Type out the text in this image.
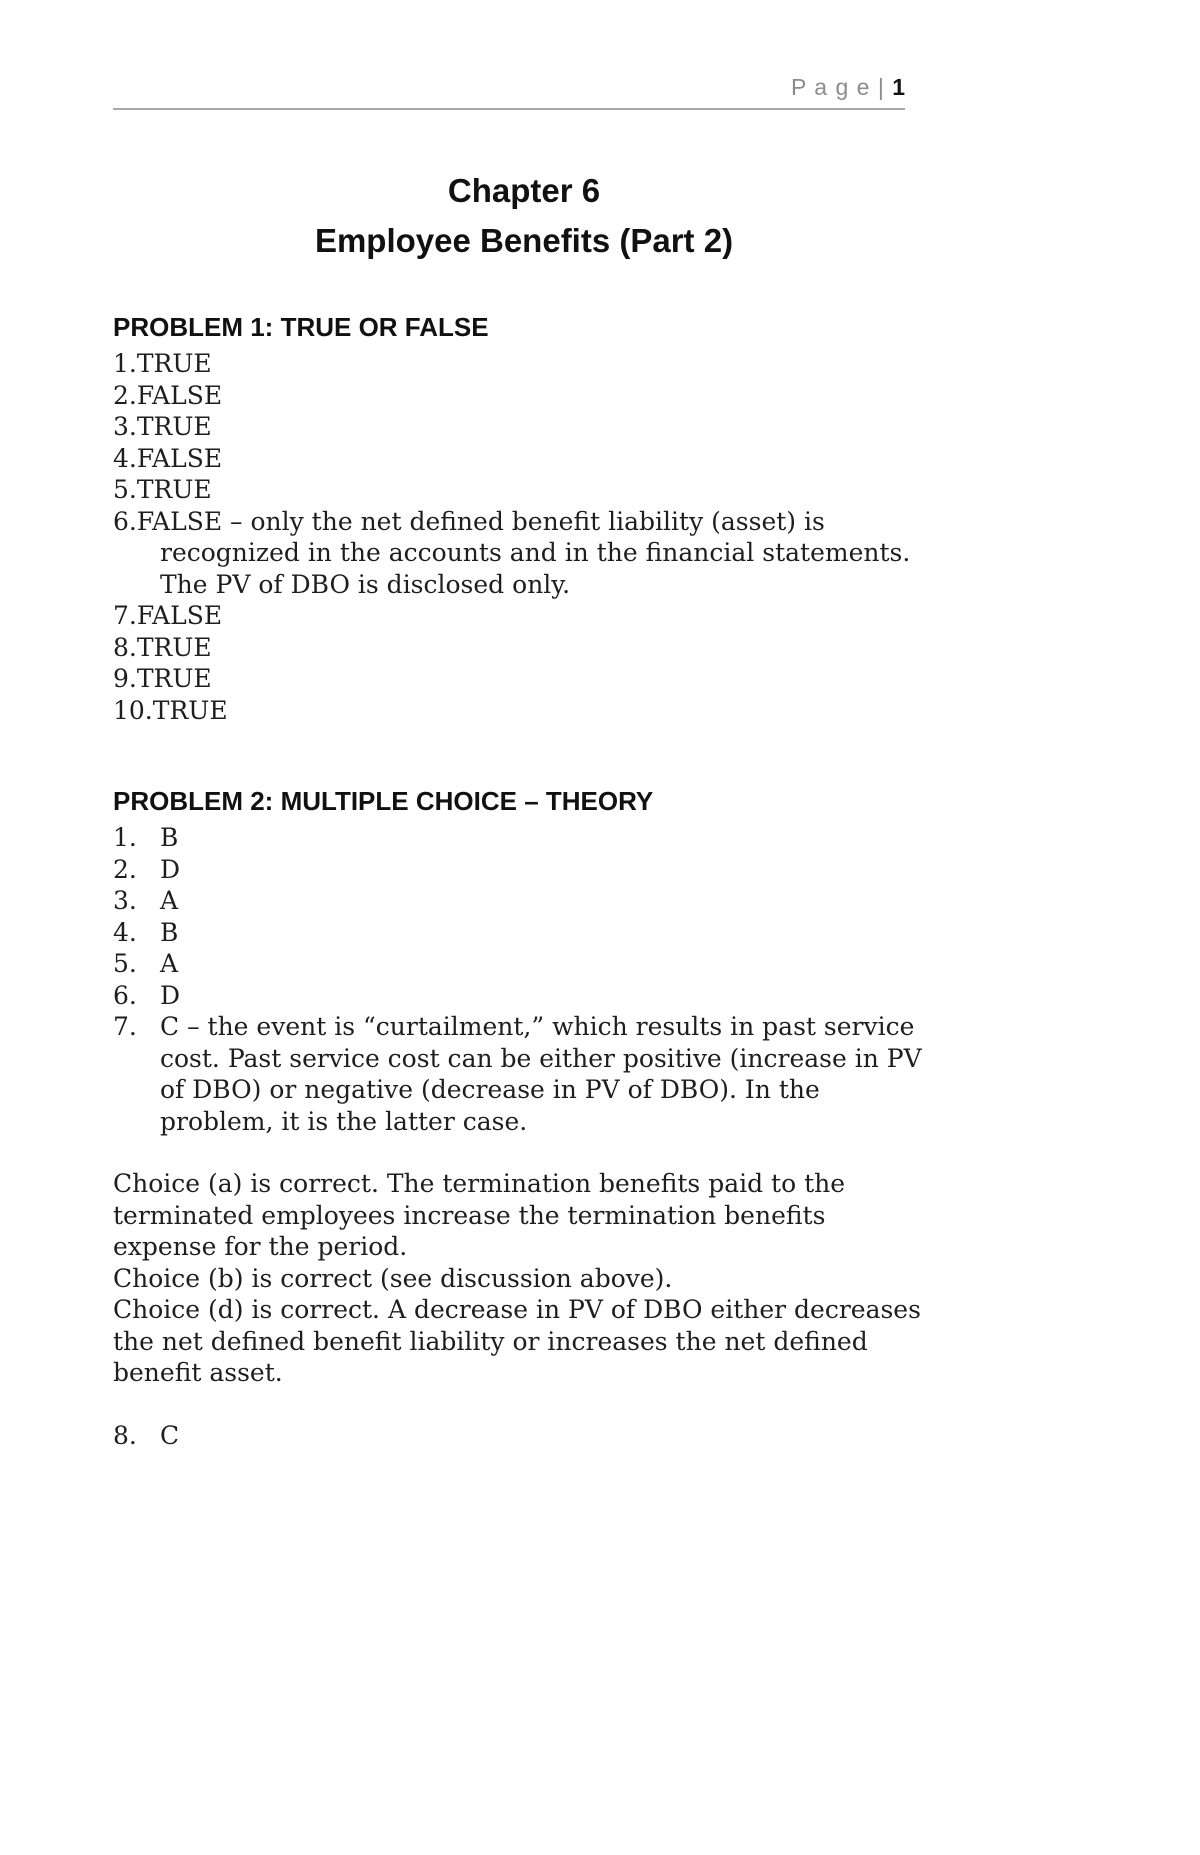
P a g e | 1
Chapter 6
Employee Benefits (Part 2)
PROBLEM 1: TRUE OR FALSE
1.TRUE
2.FALSE
3.TRUE
4.FALSE
5.TRUE
6.FALSE – only the net defined benefit liability (asset) is recognized in the accounts and in the financial statements. The PV of DBO is disclosed only.
7.FALSE
8.TRUE
9.TRUE
10.TRUE
PROBLEM 2: MULTIPLE CHOICE – THEORY
1. B
2. D
3. A
4. B
5. A
6. D
7. C – the event is “curtailment,” which results in past service cost. Past service cost can be either positive (increase in PV of DBO) or negative (decrease in PV of DBO). In the problem, it is the latter case.
Choice (a) is correct. The termination benefits paid to the terminated employees increase the termination benefits expense for the period.
Choice (b) is correct (see discussion above).
Choice (d) is correct. A decrease in PV of DBO either decreases the net defined benefit liability or increases the net defined benefit asset.
8. C
